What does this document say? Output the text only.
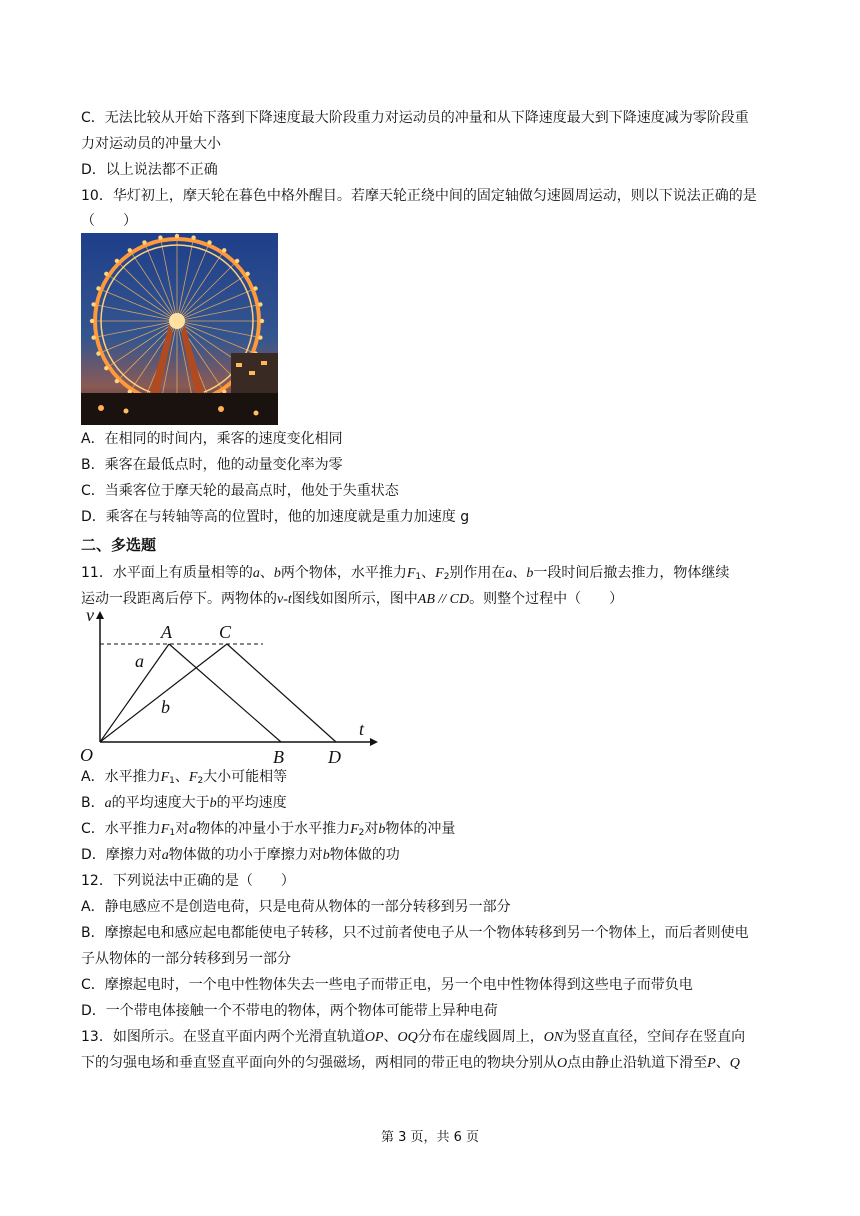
C．无法比较从开始下落到下降速度最大阶段重力对运动员的冲量和从下降速度最大到下降速度减为零阶段重
力对运动员的冲量大小
D．以上说法都不正确
10．华灯初上，摩天轮在暮色中格外醒目。若摩天轮正绕中间的固定轴做匀速圆周运动，则以下说法正确的是
（　　）
A．在相同的时间内，乘客的速度变化相同
B．乘客在最低点时，他的动量变化率为零
C．当乘客位于摩天轮的最高点时，他处于失重状态
D．乘客在与转轴等高的位置时，他的加速度就是重力加速度 g
二、多选题
11．水平面上有质量相等的a、b两个物体，水平推力$F_1$、$F_2$别作用在a、b一段时间后撤去推力，物体继续
运动一段距离后停下。两物体的v-t图线如图所示，图中AB // CD。则整个过程中（　　）
v
t
O
A	C
B D
a
b
A．水平推力$F_1$、$F_2$大小可能相等
B．a的平均速度大于b的平均速度
C．水平推力$F_1$对a物体的冲量小于水平推力$F_2$对b物体的冲量
D．摩擦力对a物体做的功小于摩擦力对b物体做的功
12．下列说法中正确的是（　　）
A．静电感应不是创造电荷，只是电荷从物体的一部分转移到另一部分
B．摩擦起电和感应起电都能使电子转移，只不过前者使电子从一个物体转移到另一个物体上，而后者则使电
子从物体的一部分转移到另一部分
C．摩擦起电时，一个电中性物体失去一些电子而带正电，另一个电中性物体得到这些电子而带负电
D．一个带电体接触一个不带电的物体，两个物体可能带上异种电荷
13．如图所示。在竖直平面内两个光滑直轨道OP、OQ分布在虚线圆周上，ON为竖直直径，空间存在竖直向
下的匀强电场和垂直竖直平面向外的匀强磁场，两相同的带正电的物块分别从O点由静止沿轨道下滑至P、Q
第 3 页，共 6 页
